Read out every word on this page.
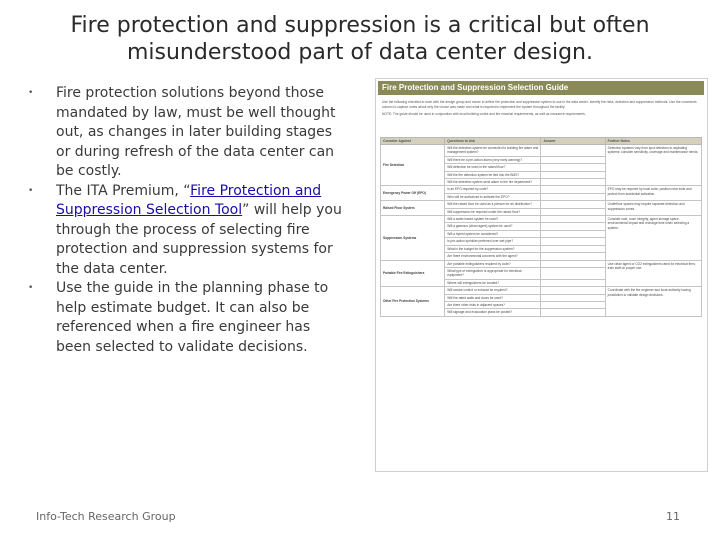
Fire protection and suppression is a critical but often misunderstood part of data center design.
• Fire protection solutions beyond those mandated by law, must be well thought out, as changes in later building stages or during refresh of the data center can be costly.
• The ITA Premium, “Fire Protection and Suppression Selection Tool” will help you through the process of selecting fire protection and suppression systems for the data center.
• Use the guide in the planning phase to help estimate budget. It can also be referenced when a fire engineer has been selected to validate decisions.
Fire Protection and Suppression Selection Guide
Use the following checklist to work with the design group and owner to define fire protection and suppression system to use in the data center. Identify fire risks, detection and suppression methods. Use the comments column to capture notes about why the choice was made and what is required to implement the system throughout the facility.
NOTE: The guide should be used in conjunction with local building codes and fire marshal requirements, as well as insurance requirements.
Consider Against	Questions to Ask	Answer	Further Notes
Fire Detection	Will the detection system be connected to building fire alarm and management system?		Detection systems vary from spot detectors to aspirating systems; consider sensitivity, coverage and maintenance needs.
	Will there be a pre-action alarm (very early warning)?		
	Will detection be used in the raised floor?		
	Will the fire detection system be tied into the BMS?		
	Will the detection system send alarm to the fire department?		
Emergency Power Off (EPO)	Is an EPO required by code?		EPO may be required by local code; position near exits and protect from accidental activation.
	Who will be authorized to activate the EPO?		
Raised Floor System	Will the raised floor be used as a plenum for air distribution?		Underfloor spaces may require separate detection and suppression zones.
	Will suppression be required under the raised floor?		
Suppression Systems	Will a water based system be used?		Consider cost, room integrity, agent storage space, environmental impact and recharge time when selecting a system.
	Will a gaseous (clean agent) system be used?		
	Will a hybrid system be considered?		
	Is pre-action sprinkler preferred over wet pipe?		
	What is the budget for the suppression system?		
	Are there environmental concerns with the agent?		
Portable Fire Extinguishers	Are portable extinguishers required by code?		Use clean agent or CO2 extinguishers rated for electrical fires; train staff on proper use.
	What type of extinguisher is appropriate for electrical equipment?		
	Where will extinguishers be located?		
Other Fire Protection Systems	Will smoke control or exhaust be required?		Coordinate with the fire engineer and local authority having jurisdiction to validate design decisions.
	Will fire-rated walls and doors be used?		
	Are there other risks in adjacent spaces?		
	Will signage and evacuation plans be posted?		
Info-Tech Research Group	11
